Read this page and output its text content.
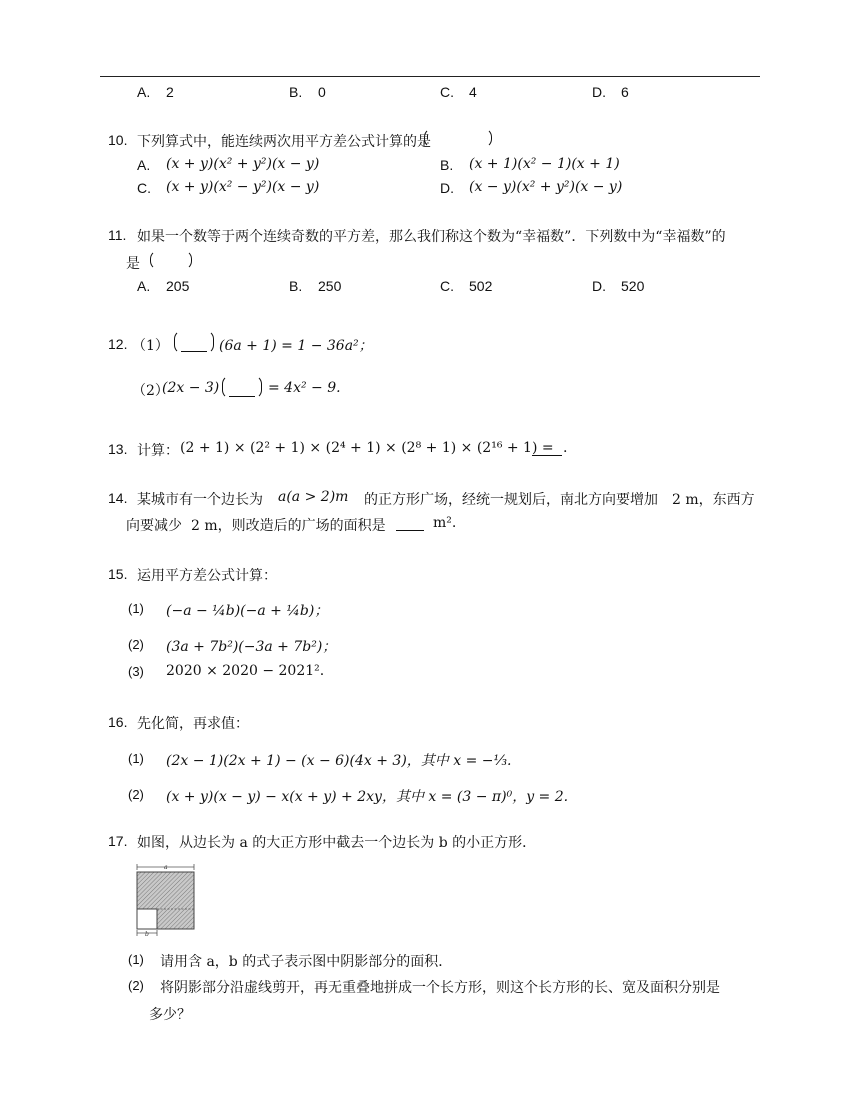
A. 2	B. 0	C. 4	D. 6
10. 下列算式中，能连续两次用平方差公式计算的是
A. (x + y)(x² + y²)(x − y)	B. (x + 1)(x² − 1)(x + 1)
C. (x + y)(x² − y²)(x − y)	D. (x − y)(x² + y²)(x − y)
11. 如果一个数等于两个连续奇数的平方差，那么我们称这个数为“幸福数”．下列数中为“幸福数”的
是
A. 205	B. 250	C. 502	D. 520
12. （1）	(6a + 1) = 1 − 36a²；
（2）
(2x − 3)	= 4x² − 9.
13. 计算： (2 + 1) × (2² + 1) × (2⁴ + 1) × (2⁸ + 1) × (2¹⁶ + 1) = .
14. 某城市有一个边长为 a(a > 2)m 的正方形广场，经统一规划后，南北方向要增加 2 m，东西方
向要减少 2 m，则改造后的广场的面积是	m².
15. 运用平方差公式计算：
(1) (−a − ¼b)(−a + ¼b)；
(2) (3a + 7b²)(−3a + 7b²)；
(3) 2020 × 2020 − 2021².
16. 先化简，再求值：
(1) (2x − 1)(2x + 1) − (x − 6)(4x + 3)，其中 x = −⅓.
(2) (x + y)(x − y) − x(x + y) + 2xy，其中 x = (3 − π)⁰，y = 2.
17. 如图，从边长为 a 的大正方形中截去一个边长为 b 的小正方形．
a
b
(1) 请用含 a，b 的式子表示图中阴影部分的面积．
(2) 将阴影部分沿虚线剪开，再无重叠地拼成一个长方形，则这个长方形的长、宽及面积分别是
多少？
